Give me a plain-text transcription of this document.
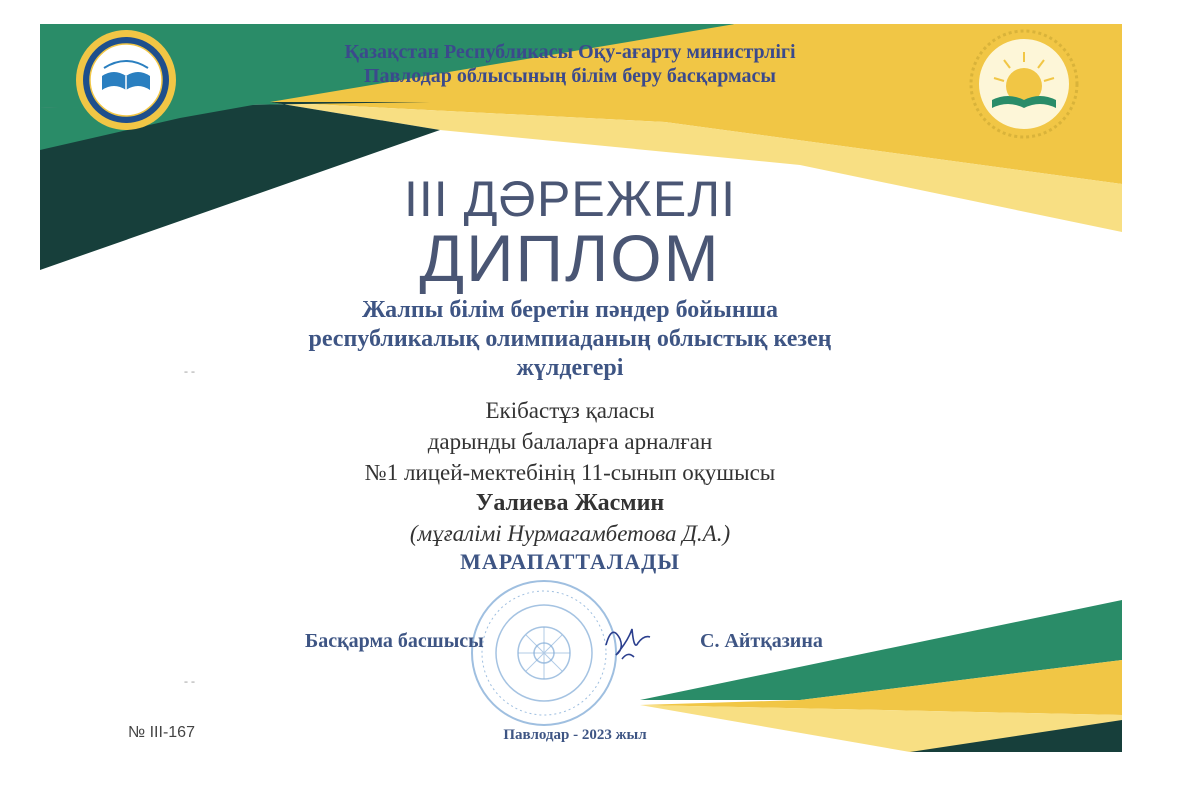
Қазақстан Республикасы Оқу-ағарту министрлігі
Павлодар облысының білім беру басқармасы
III ДӘРЕЖЕЛІ
ДИПЛОМ
Жалпы білім беретін пәндер бойынша
республикалық олимпиаданың облыстық кезең
жүлдегері
Екібастұз қаласы
дарынды балаларға арналған
№1 лицей-мектебінің 11-сынып оқушысы
Уалиева Жасмин
(мұғалімі Нурмагамбетова Д.А.)
МАРАПАТТАЛАДЫ
Басқарма басшысы	С. Айтқазина
№ III-167	Павлодар - 2023 жыл
- -
- -
